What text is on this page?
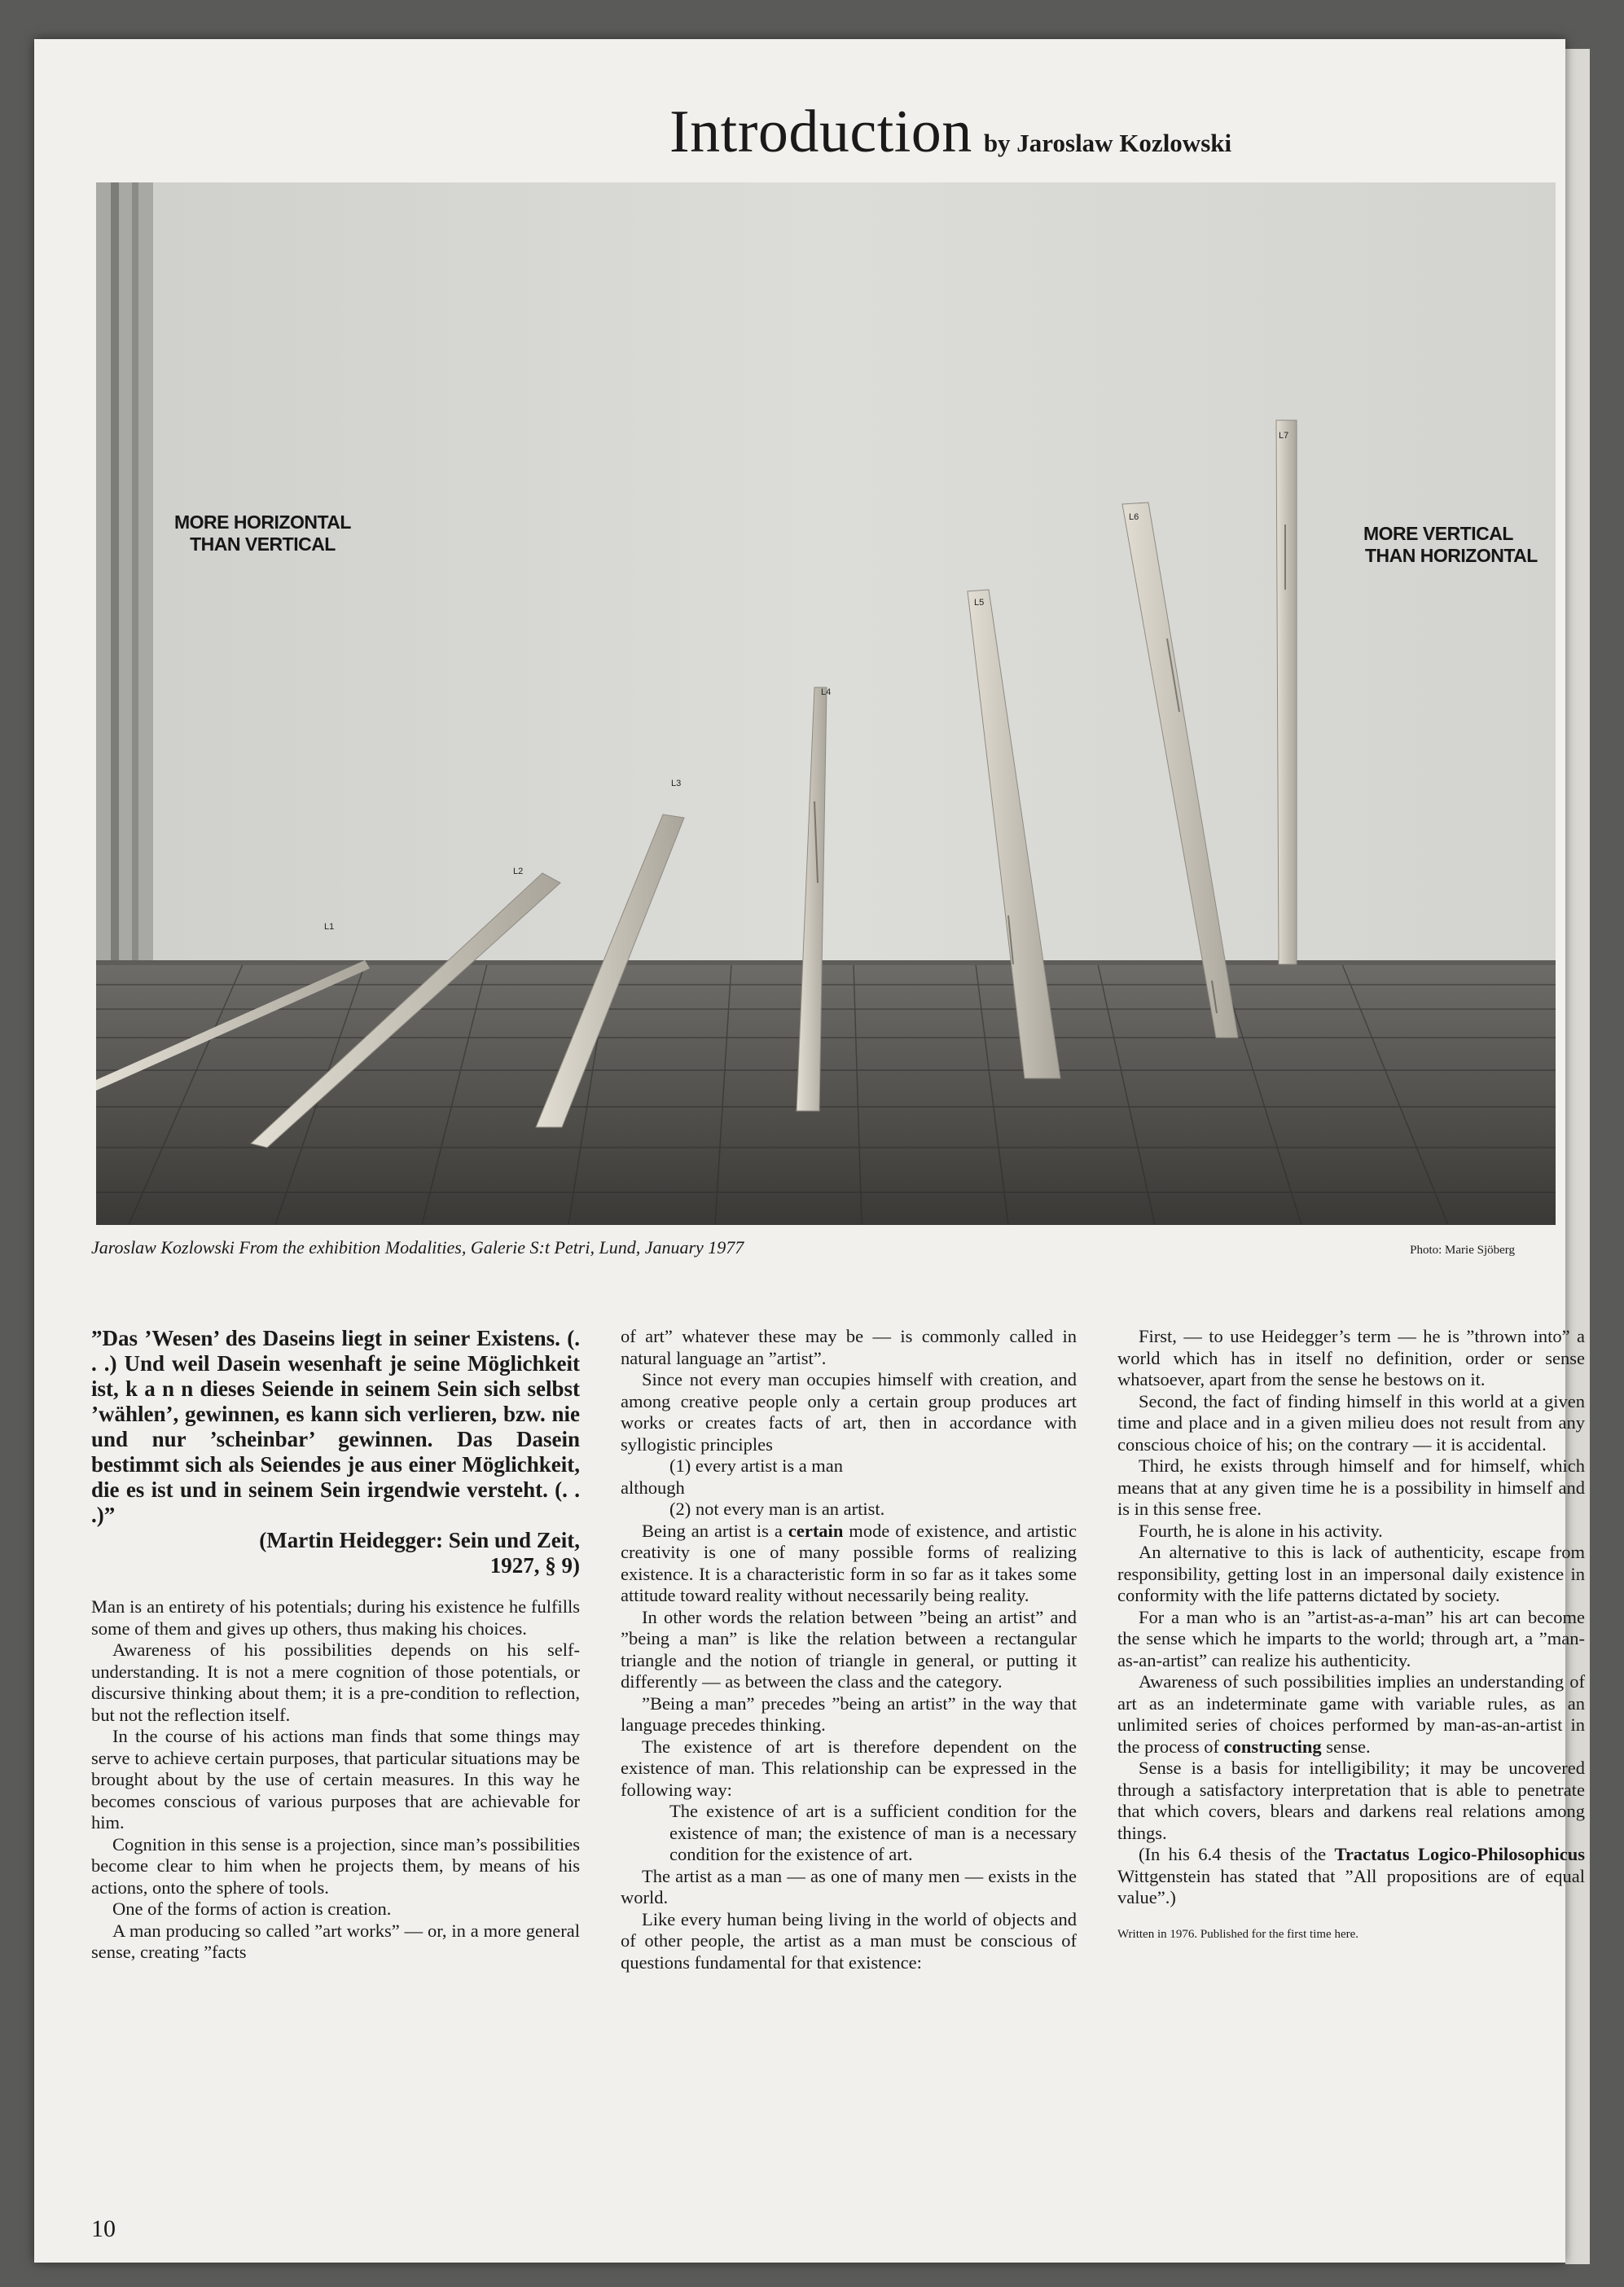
Introduction by Jaroslaw Kozlowski
MORE HORIZONTAL
THAN VERTICAL	MORE VERTICAL
THAN HORIZONTAL
L1
L2
L3
L4
L5
L6
L7
Jaroslaw Kozlowski From the exhibition Modalities, Galerie S:t Petri, Lund, January 1977	Photo: Marie Sjöberg

”Das ’Wesen’ des Daseins liegt in seiner Existens. (. . .) Und weil Dasein wesenhaft je seine Möglichkeit ist, k a n n dieses Seiende in seinem Sein sich selbst ’wählen’, gewinnen, es kann sich verlieren, bzw. nie und nur ’scheinbar’ gewinnen. Das Dasein bestimmt sich als Seiendes je aus einer Möglichkeit, die es ist und in seinem Sein irgendwie versteht. (. . .)”

(Martin Heidegger: Sein und Zeit,

1927, § 9)

Man is an entirety of his potentials; during his existence he fulfills some of them and gives up others, thus making his choices.

Awareness of his possibilities depends on his self-understanding. It is not a mere cognition of those potentials, or discursive thinking about them; it is a pre-condition to reflection, but not the reflection itself.

In the course of his actions man finds that some things may serve to achieve certain purposes, that particular situations may be brought about by the use of certain measures. In this way he becomes conscious of various purposes that are achievable for him.

Cognition in this sense is a projection, since man’s possibilities become clear to him when he projects them, by means of his actions, onto the sphere of tools.

One of the forms of action is creation.

A man producing so called ”art works” — or, in a more general sense, creating ”facts

of art” whatever these may be — is commonly called in natural language an ”artist”.

Since not every man occupies himself with creation, and among creative people only a certain group produces art works or creates facts of art, then in accordance with syllogistic principles

(1) every artist is a man

although

(2) not every man is an artist.

Being an artist is a certain mode of existence, and artistic creativity is one of many possible forms of realizing existence. It is a characteristic form in so far as it takes some attitude toward reality without necessarily being reality.

In other words the relation between ”being an artist” and ”being a man” is like the relation between a rectangular triangle and the notion of triangle in general, or putting it differently — as between the class and the category.

”Being a man” precedes ”being an artist” in the way that language precedes thinking.

The existence of art is therefore dependent on the existence of man. This relationship can be expressed in the following way:

The existence of art is a sufficient condition for the existence of man; the existence of man is a necessary condition for the existence of art.

The artist as a man — as one of many men — exists in the world.

Like every human being living in the world of objects and of other people, the artist as a man must be conscious of questions fundamental for that existence:

First, — to use Heidegger’s term — he is ”thrown into” a world which has in itself no definition, order or sense whatsoever, apart from the sense he bestows on it.

Second, the fact of finding himself in this world at a given time and place and in a given milieu does not result from any conscious choice of his; on the contrary — it is accidental.

Third, he exists through himself and for himself, which means that at any given time he is a possibility in himself and is in this sense free.

Fourth, he is alone in his activity.

An alternative to this is lack of authenticity, escape from responsibility, getting lost in an impersonal daily existence in conformity with the life patterns dictated by society.

For a man who is an ”artist-as-a-man” his art can become the sense which he imparts to the world; through art, a ”man-as-an-artist” can realize his authenticity.

Awareness of such possibilities implies an understanding of art as an indeterminate game with variable rules, as an unlimited series of choices performed by man-as-an-artist in the process of constructing sense.

Sense is a basis for intelligibility; it may be uncovered through a satisfactory interpretation that is able to penetrate that which covers, blears and darkens real relations among things.

(In his 6.4 thesis of the Tractatus Logico-Philosophicus Wittgenstein has stated that ”All propositions are of equal value”.)

Written in 1976. Published for the first time here.

10
